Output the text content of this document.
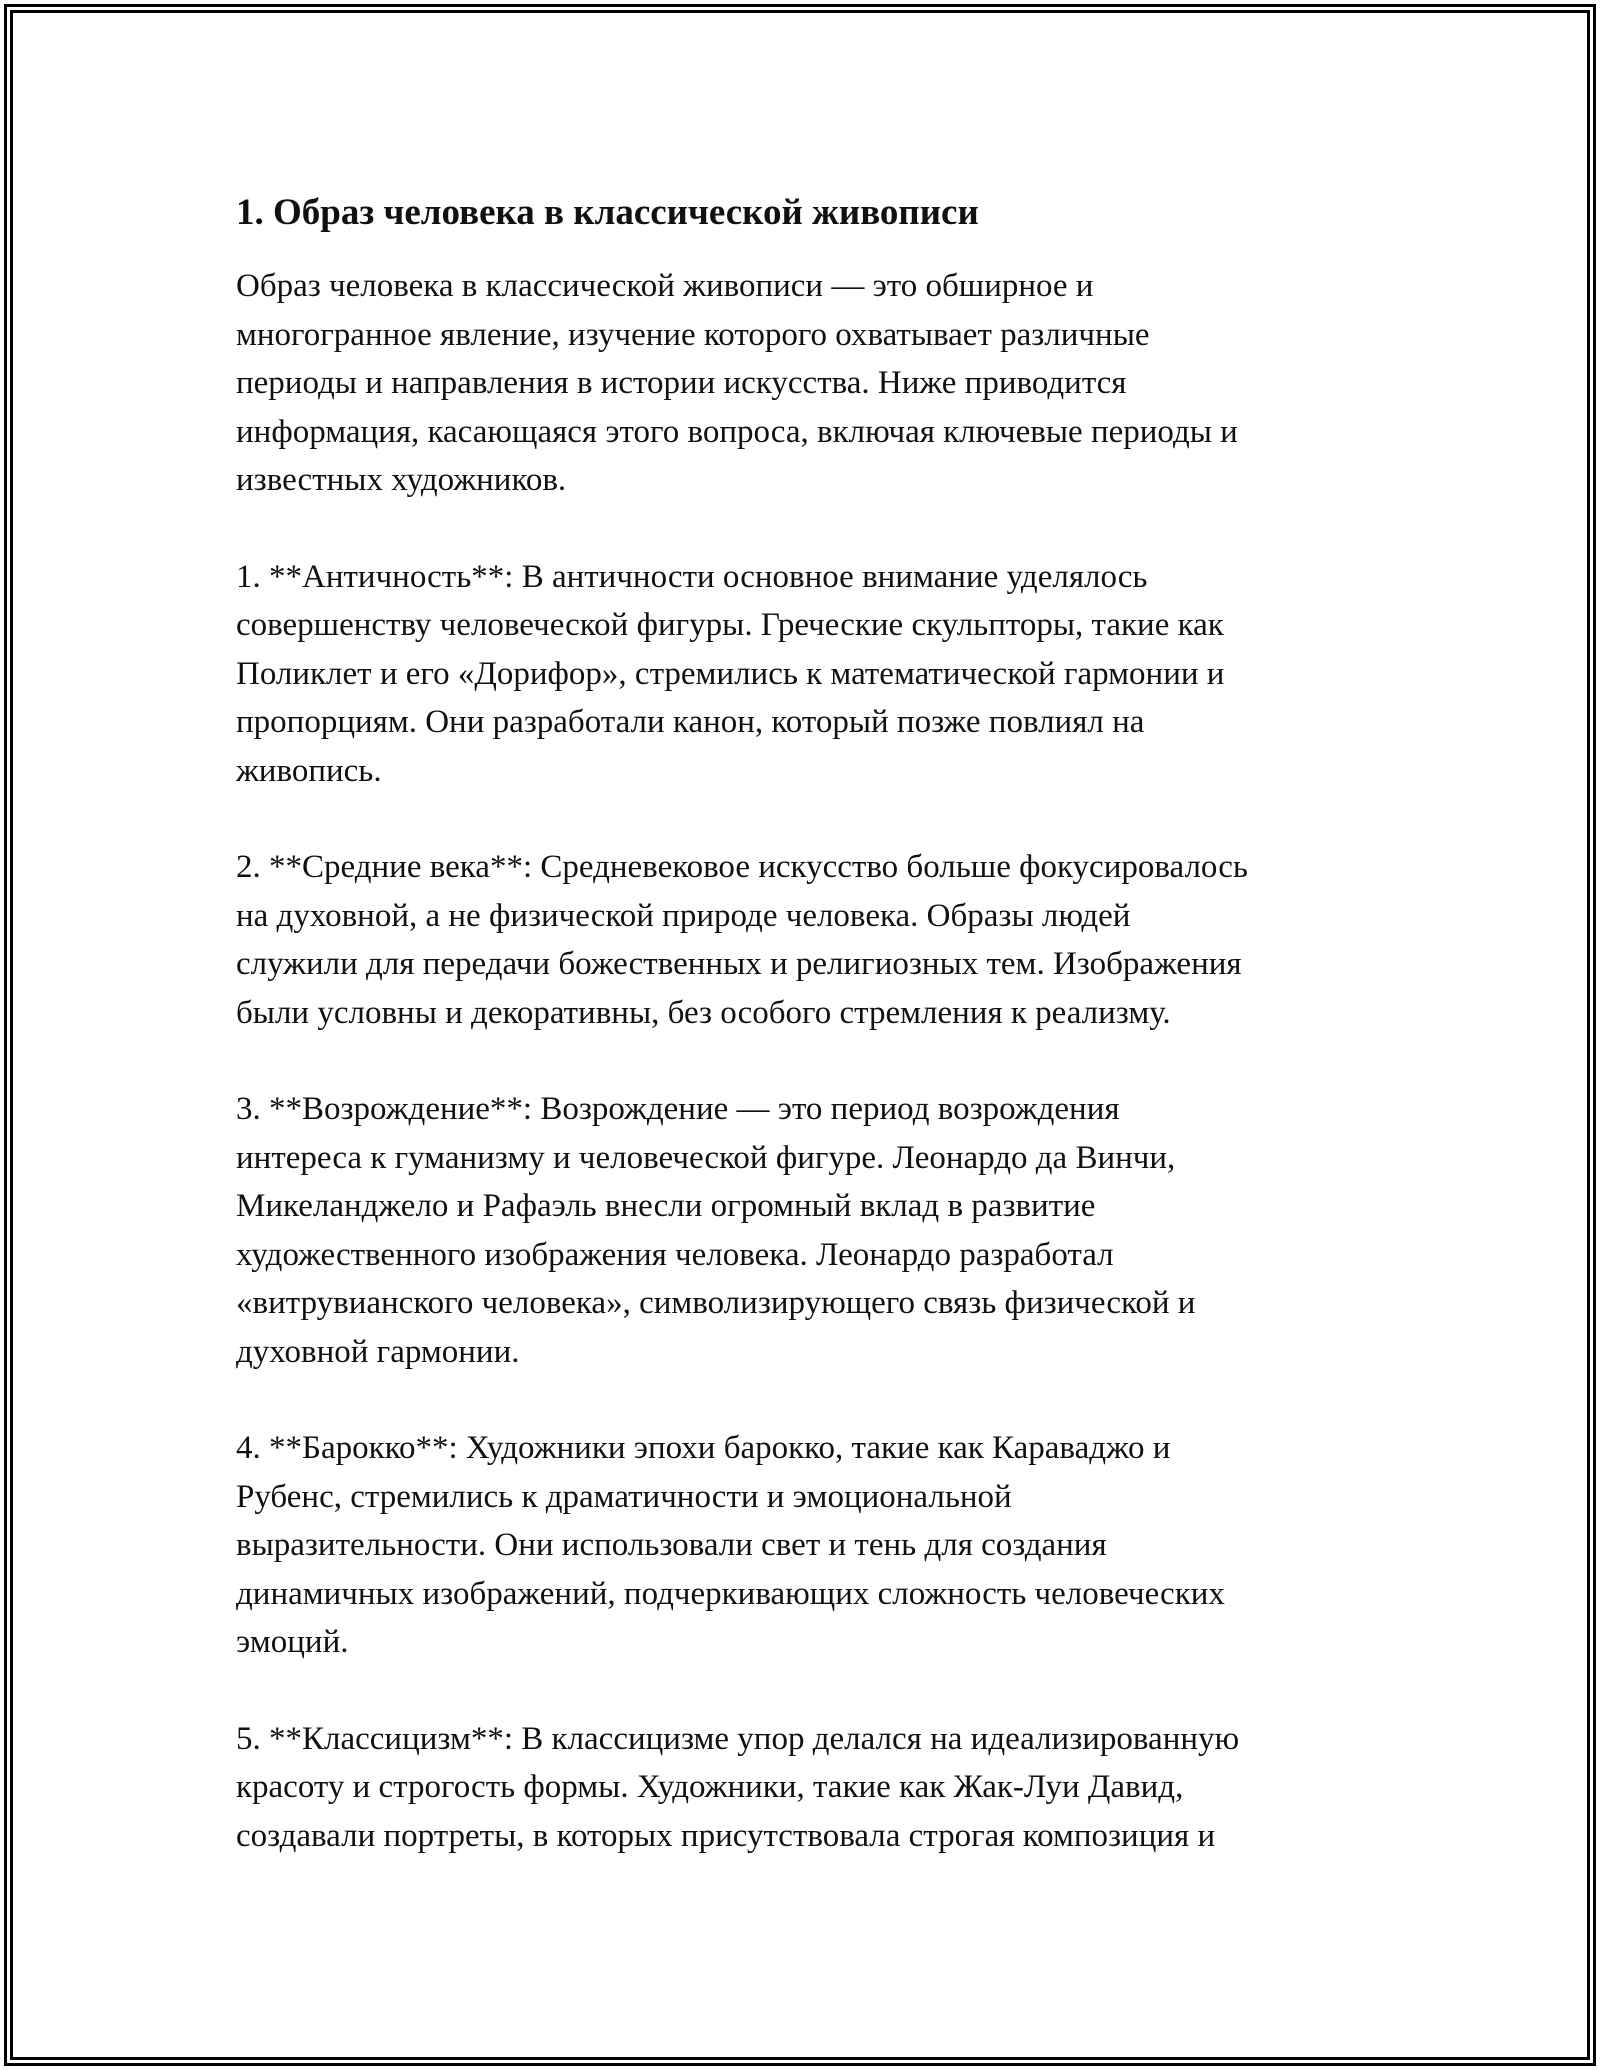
1. Образ человека в классической живописи

Образ человека в классической живописи — это обширное и
многогранное явление, изучение которого охватывает различные
периоды и направления в истории искусства. Ниже приводится
информация, касающаяся этого вопроса, включая ключевые периоды и
известных художников.

1. **Античность**: В античности основное внимание уделялось
совершенству человеческой фигуры. Греческие скульпторы, такие как
Поликлет и его «Дорифор», стремились к математической гармонии и
пропорциям. Они разработали канон, который позже повлиял на
живопись.

2. **Средние века**: Средневековое искусство больше фокусировалось
на духовной, а не физической природе человека. Образы людей
служили для передачи божественных и религиозных тем. Изображения
были условны и декоративны, без особого стремления к реализму.

3. **Возрождение**: Возрождение — это период возрождения
интереса к гуманизму и человеческой фигуре. Леонардо да Винчи,
Микеланджело и Рафаэль внесли огромный вклад в развитие
художественного изображения человека. Леонардо разработал
«витрувианского человека», символизирующего связь физической и
духовной гармонии.

4. **Барокко**: Художники эпохи барокко, такие как Караваджо и
Рубенс, стремились к драматичности и эмоциональной
выразительности. Они использовали свет и тень для создания
динамичных изображений, подчеркивающих сложность человеческих
эмоций.

5. **Классицизм**: В классицизме упор делался на идеализированную
красоту и строгость формы. Художники, такие как Жак-Луи Давид,
создавали портреты, в которых присутствовала строгая композиция и
